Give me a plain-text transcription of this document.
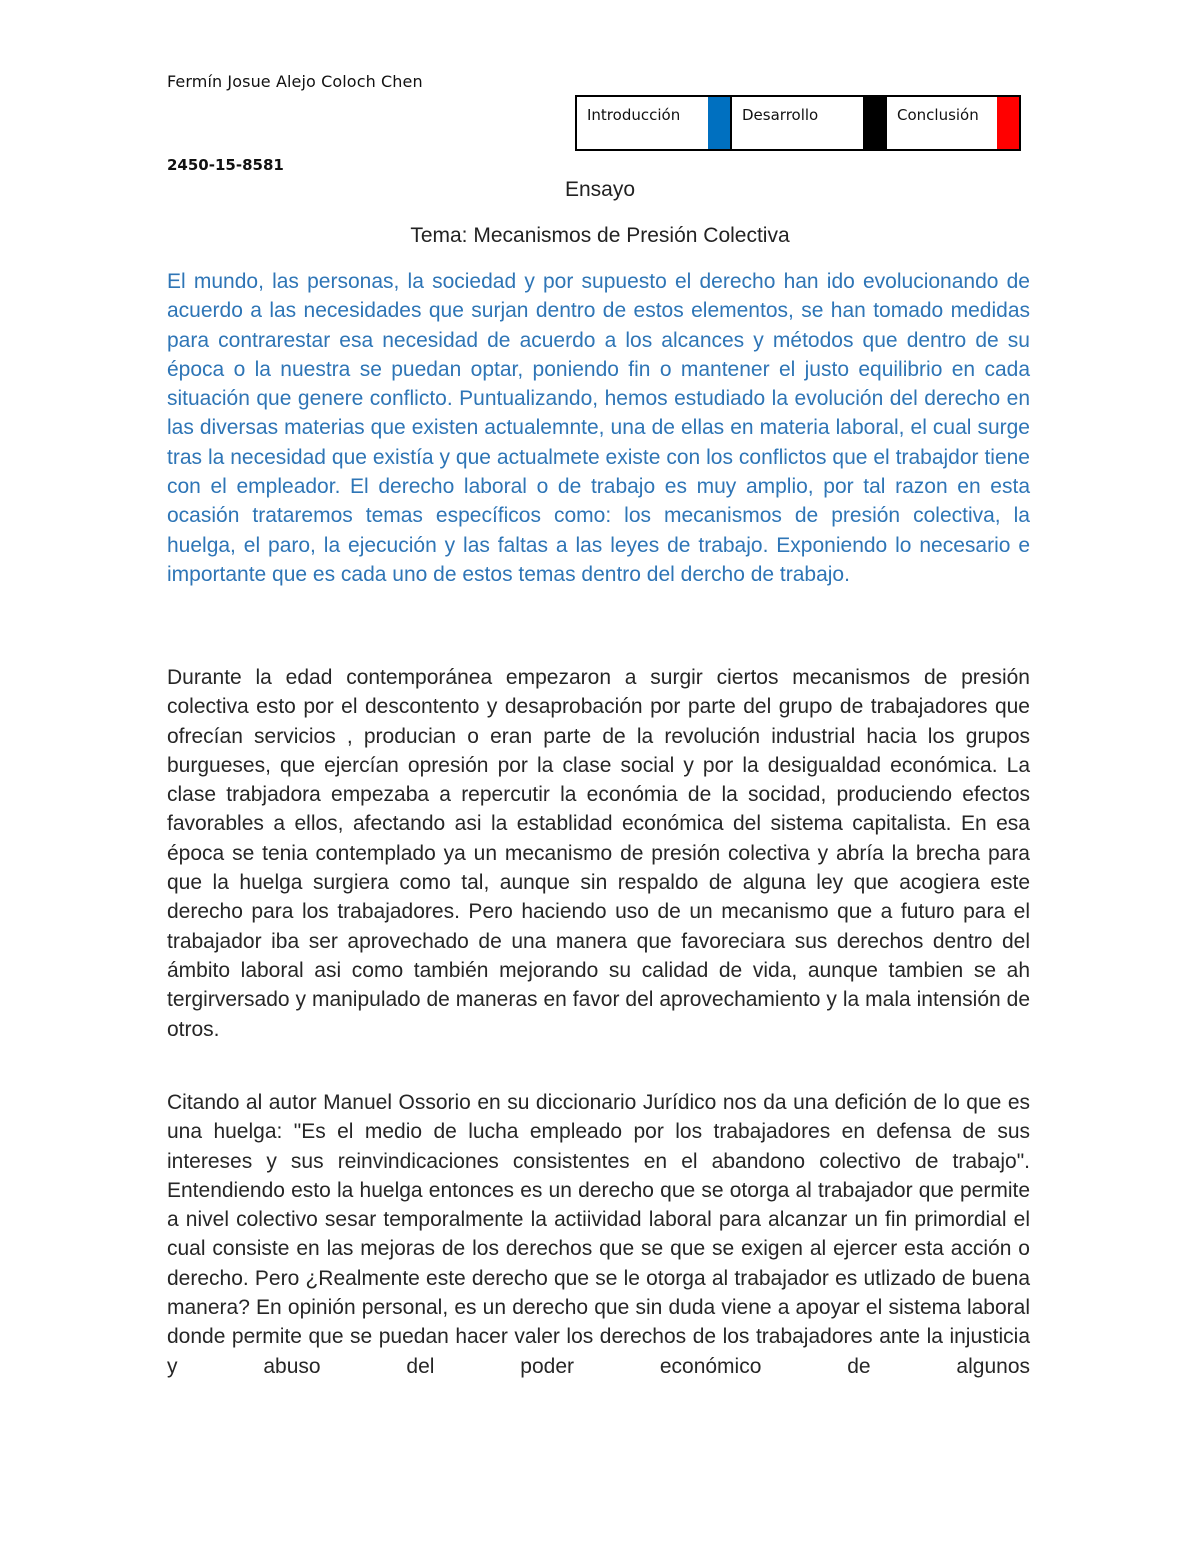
Fermín Josue Alejo Coloch Chen
Introducción	Desarrollo	Conclusión
2450-15-8581
Ensayo
Tema: Mecanismos de Presión Colectiva

El mundo, las personas, la sociedad y por supuesto el derecho han ido evolucionando de acuerdo a las necesidades que surjan dentro de estos elementos, se han tomado medidas para contrarestar esa necesidad de acuerdo a los alcances y métodos que dentro de su época o la nuestra se puedan optar, poniendo fin o mantener el justo equilibrio en cada situación que genere conflicto. Puntualizando, hemos estudiado la evolución del derecho en las diversas materias que existen actualemnte, una de ellas en materia laboral, el cual surge tras la necesidad que existía y que actualmete existe con los conflictos que el trabajdor tiene con el empleador. El derecho laboral o de trabajo es muy amplio, por tal razon en esta ocasión trataremos temas específicos como: los mecanismos de presión colectiva, la huelga, el paro, la ejecución y las faltas a las leyes de trabajo. Exponiendo lo necesario e importante que es cada uno de estos temas dentro del dercho de trabajo.

Durante la edad contemporánea empezaron a surgir ciertos mecanismos de presión colectiva esto por el descontento y desaprobación por parte del grupo de trabajadores que ofrecían servicios , producian o eran parte de la revolución industrial hacia los grupos burgueses, que ejercían opresión por la clase social y por la desigualdad económica. La clase trabjadora empezaba a repercutir la económia de la socidad, produciendo efectos favorables a ellos, afectando asi la establidad económica del sistema capitalista. En esa época se tenia contemplado ya un mecanismo de presión colectiva y abría la brecha para que la huelga surgiera como tal, aunque sin respaldo de alguna ley que acogiera este derecho para los trabajadores. Pero haciendo uso de un mecanismo que a futuro para el trabajador iba ser aprovechado de una manera que favoreciara sus derechos dentro del ámbito laboral asi como también mejorando su calidad de vida, aunque tambien se ah tergirversado y manipulado de maneras en favor del aprovechamiento y la mala intensión de otros.

Citando al autor Manuel Ossorio en su diccionario Jurídico nos da una defición de lo que es una huelga: "Es el medio de lucha empleado por los trabajadores en defensa de sus intereses y sus reinvindicaciones consistentes en el abandono colectivo de trabajo". Entendiendo esto la huelga entonces es un derecho que se otorga al trabajador que permite a nivel colectivo sesar temporalmente la actiividad laboral para alcanzar un fin primordial el cual consiste en las mejoras de los derechos que se que se exigen al ejercer esta acción o derecho. Pero ¿Realmente este derecho que se le otorga al trabajador es utlizado de buena manera? En opinión personal, es un derecho que sin duda viene a apoyar el sistema laboral donde permite que se puedan hacer valer los derechos de los trabajadores ante la injusticia y abuso del poder económico de algunos
